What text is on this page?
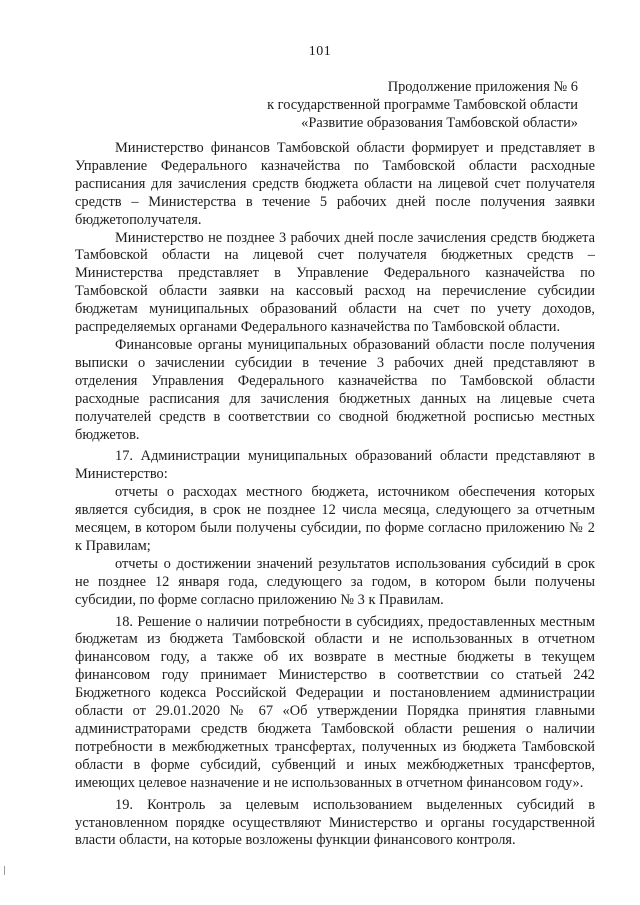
101
Продолжение приложения № 6
к государственной программе Тамбовской области
«Развитие образования Тамбовской области»

Министерство финансов Тамбовской области формирует и представляет в Управление Федерального казначейства по Тамбовской области расходные расписания для зачисления средств бюджета области на лицевой счет получателя средств – Министерства в течение 5 рабочих дней после получения заявки бюджетополучателя.

Министерство не позднее 3 рабочих дней после зачисления средств бюджета Тамбовской области на лицевой счет получателя бюджетных средств – Министерства представляет в Управление Федерального казначейства по Тамбовской области заявки на кассовый расход на перечисление субсидии бюджетам муниципальных образований области на счет по учету доходов, распределяемых органами Федерального казначейства по Тамбовской области.

Финансовые органы муниципальных образований области после получения выписки о зачислении субсидии в течение 3 рабочих дней представляют в отделения Управления Федерального казначейства по Тамбовской области расходные расписания для зачисления бюджетных данных на лицевые счета получателей средств в соответствии со сводной бюджетной росписью местных бюджетов.

17. Администрации муниципальных образований области представляют в Министерство:

отчеты о расходах местного бюджета, источником обеспечения которых является субсидия, в срок не позднее 12 числа месяца, следующего за отчетным месяцем, в котором были получены субсидии, по форме согласно приложению № 2 к Правилам;

отчеты о достижении значений результатов использования субсидий в срок не позднее 12 января года, следующего за годом, в котором были получены субсидии, по форме согласно приложению № 3 к Правилам.

18. Решение о наличии потребности в субсидиях, предоставленных местным бюджетам из бюджета Тамбовской области и не использованных в отчетном финансовом году, а также об их возврате в местные бюджеты в текущем финансовом году принимает Министерство в соответствии со статьей 242 Бюджетного кодекса Российской Федерации и постановлением администрации области от 29.01.2020 № 67 «Об утверждении Порядка принятия главными администраторами средств бюджета Тамбовской области решения о наличии потребности в межбюджетных трансфертах, полученных из бюджета Тамбовской области в форме субсидий, субвенций и иных межбюджетных трансфертов, имеющих целевое назначение и не использованных в отчетном финансовом году».

19. Контроль за целевым использованием выделенных субсидий в установленном порядке осуществляют Министерство и органы государственной власти области, на которые возложены функции финансового контроля.
